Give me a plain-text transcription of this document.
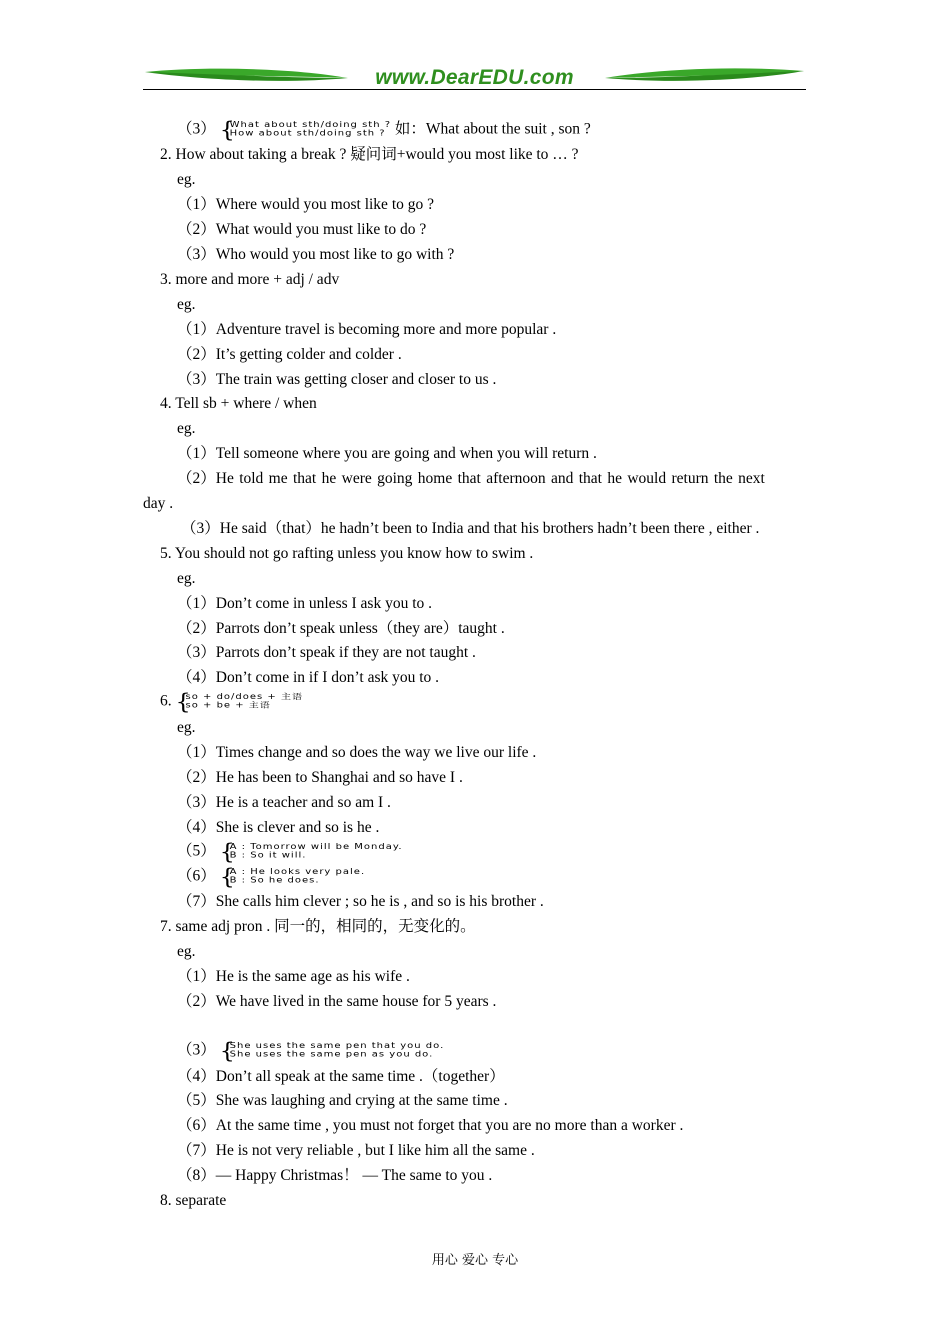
www.DearEDU.com
（3） {
What about sth/doing sth ?
How about sth/doing sth ? 如：What about the suit , son ?
2. How about taking a break ? 疑问词+would you most like to … ?
eg.
（1）Where would you most like to go ?
（2）What would you must like to do ?
（3）Who would you most like to go with ?
3. more and more + adj / adv
eg.
（1）Adventure travel is becoming more and more popular .
（2）It’s getting colder and colder .
（3）The train was getting closer and closer to us .
4. Tell sb + where / when
eg.
（1）Tell someone where you are going and when you will return .
（2）He told me that he were going home that afternoon and that he would return the next
day .
（3）He said（that）he hadn’t been to India and that his brothers hadn’t been there , either .
5. You should not go rafting unless you know how to swim .
eg.
（1）Don’t come in unless I ask you to .
（2）Parrots don’t speak unless（they are）taught .
（3）Parrots don’t speak if they are not taught .
（4）Don’t come in if I don’t ask you to .
6. {
so + do/does + 主语
so + be + 主语
eg.
（1）Times change and so does the way we live our life .
（2）He has been to Shanghai and so have I .
（3）He is a teacher and so am I .
（4）She is clever and so is he .
（5） {
A : Tomorrow will be Monday.
B : So it will.
（6） {
A : He looks very pale.
B : So he does.
（7）She calls him clever ; so he is , and so is his brother .
7. same adj pron . 同一的，相同的，无变化的。
eg.
（1）He is the same age as his wife .
（2）We have lived in the same house for 5 years .
（3） {
She uses the same pen that you do.
She uses the same pen as you do.
（4）Don’t all speak at the same time .（together）
（5）She was laughing and crying at the same time .
（6）At the same time , you must not forget that you are no more than a worker .
（7）He is not very reliable , but I like him all the same .
（8）— Happy Christmas！ — The same to you .
8. separate
用心 爱心 专心
